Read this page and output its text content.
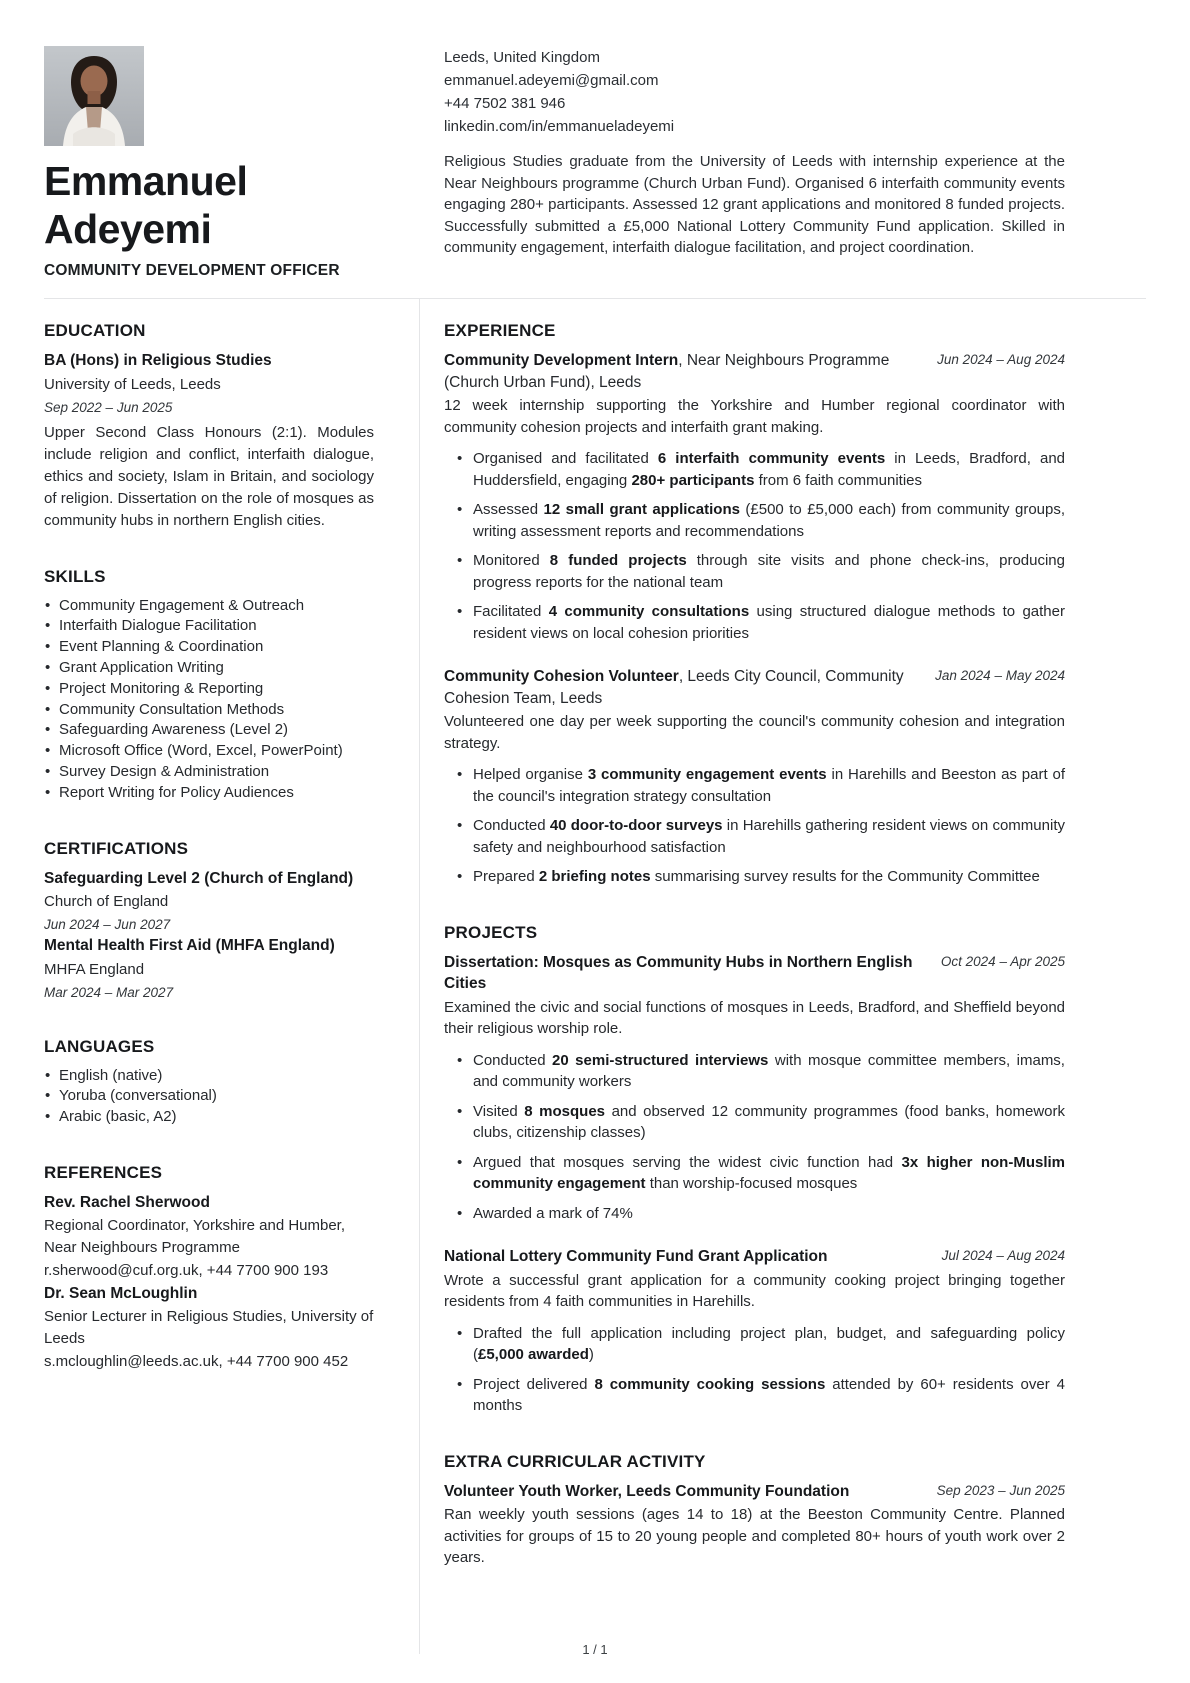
Emmanuel Adeyemi
COMMUNITY DEVELOPMENT OFFICER
Leeds, United Kingdom
emmanuel.adeyemi@gmail.com
+44 7502 381 946
linkedin.com/in/emmanueladeyemi
Religious Studies graduate from the University of Leeds with internship experience at the Near Neighbours programme (Church Urban Fund). Organised 6 interfaith community events engaging 280+ participants. Assessed 12 grant applications and monitored 8 funded projects. Successfully submitted a £5,000 National Lottery Community Fund application. Skilled in community engagement, interfaith dialogue facilitation, and project coordination.
EDUCATION
BA (Hons) in Religious Studies
University of Leeds, Leeds
Sep 2022 – Jun 2025
Upper Second Class Honours (2:1). Modules include religion and conflict, interfaith dialogue, ethics and society, Islam in Britain, and sociology of religion. Dissertation on the role of mosques as community hubs in northern English cities.
SKILLS
• Community Engagement & Outreach
• Interfaith Dialogue Facilitation
• Event Planning & Coordination
• Grant Application Writing
• Project Monitoring & Reporting
• Community Consultation Methods
• Safeguarding Awareness (Level 2)
• Microsoft Office (Word, Excel, PowerPoint)
• Survey Design & Administration
• Report Writing for Policy Audiences
CERTIFICATIONS
Safeguarding Level 2 (Church of England)
Church of England
Jun 2024 – Jun 2027
Mental Health First Aid (MHFA England)
MHFA England
Mar 2024 – Mar 2027
LANGUAGES
• English (native)
• Yoruba (conversational)
• Arabic (basic, A2)
REFERENCES
Rev. Rachel Sherwood
Regional Coordinator, Yorkshire and Humber, Near Neighbours Programme
r.sherwood@cuf.org.uk, +44 7700 900 193
Dr. Sean McLoughlin
Senior Lecturer in Religious Studies, University of Leeds
s.mcloughlin@leeds.ac.uk, +44 7700 900 452
EXPERIENCE
Community Development Intern, Near Neighbours Programme (Church Urban Fund), Leeds
Jun 2024 – Aug 2024
12 week internship supporting the Yorkshire and Humber regional coordinator with community cohesion projects and interfaith grant making.
• Organised and facilitated 6 interfaith community events in Leeds, Bradford, and Huddersfield, engaging 280+ participants from 6 faith communities
• Assessed 12 small grant applications (£500 to £5,000 each) from community groups, writing assessment reports and recommendations
• Monitored 8 funded projects through site visits and phone check-ins, producing progress reports for the national team
• Facilitated 4 community consultations using structured dialogue methods to gather resident views on local cohesion priorities
Community Cohesion Volunteer, Leeds City Council, Community Cohesion Team, Leeds
Jan 2024 – May 2024
Volunteered one day per week supporting the council's community cohesion and integration strategy.
• Helped organise 3 community engagement events in Harehills and Beeston as part of the council's integration strategy consultation
• Conducted 40 door-to-door surveys in Harehills gathering resident views on community safety and neighbourhood satisfaction
• Prepared 2 briefing notes summarising survey results for the Community Committee
PROJECTS
Dissertation: Mosques as Community Hubs in Northern English Cities
Oct 2024 – Apr 2025
Examined the civic and social functions of mosques in Leeds, Bradford, and Sheffield beyond their religious worship role.
• Conducted 20 semi-structured interviews with mosque committee members, imams, and community workers
• Visited 8 mosques and observed 12 community programmes (food banks, homework clubs, citizenship classes)
• Argued that mosques serving the widest civic function had 3x higher non-Muslim community engagement than worship-focused mosques
• Awarded a mark of 74%
National Lottery Community Fund Grant Application	Jul 2024 – Aug 2024
Wrote a successful grant application for a community cooking project bringing together residents from 4 faith communities in Harehills.
• Drafted the full application including project plan, budget, and safeguarding policy (£5,000 awarded)
• Project delivered 8 community cooking sessions attended by 60+ residents over 4 months
EXTRA CURRICULAR ACTIVITY
Volunteer Youth Worker, Leeds Community Foundation	Sep 2023 – Jun 2025
Ran weekly youth sessions (ages 14 to 18) at the Beeston Community Centre. Planned activities for groups of 15 to 20 young people and completed 80+ hours of youth work over 2 years.
1 / 1
